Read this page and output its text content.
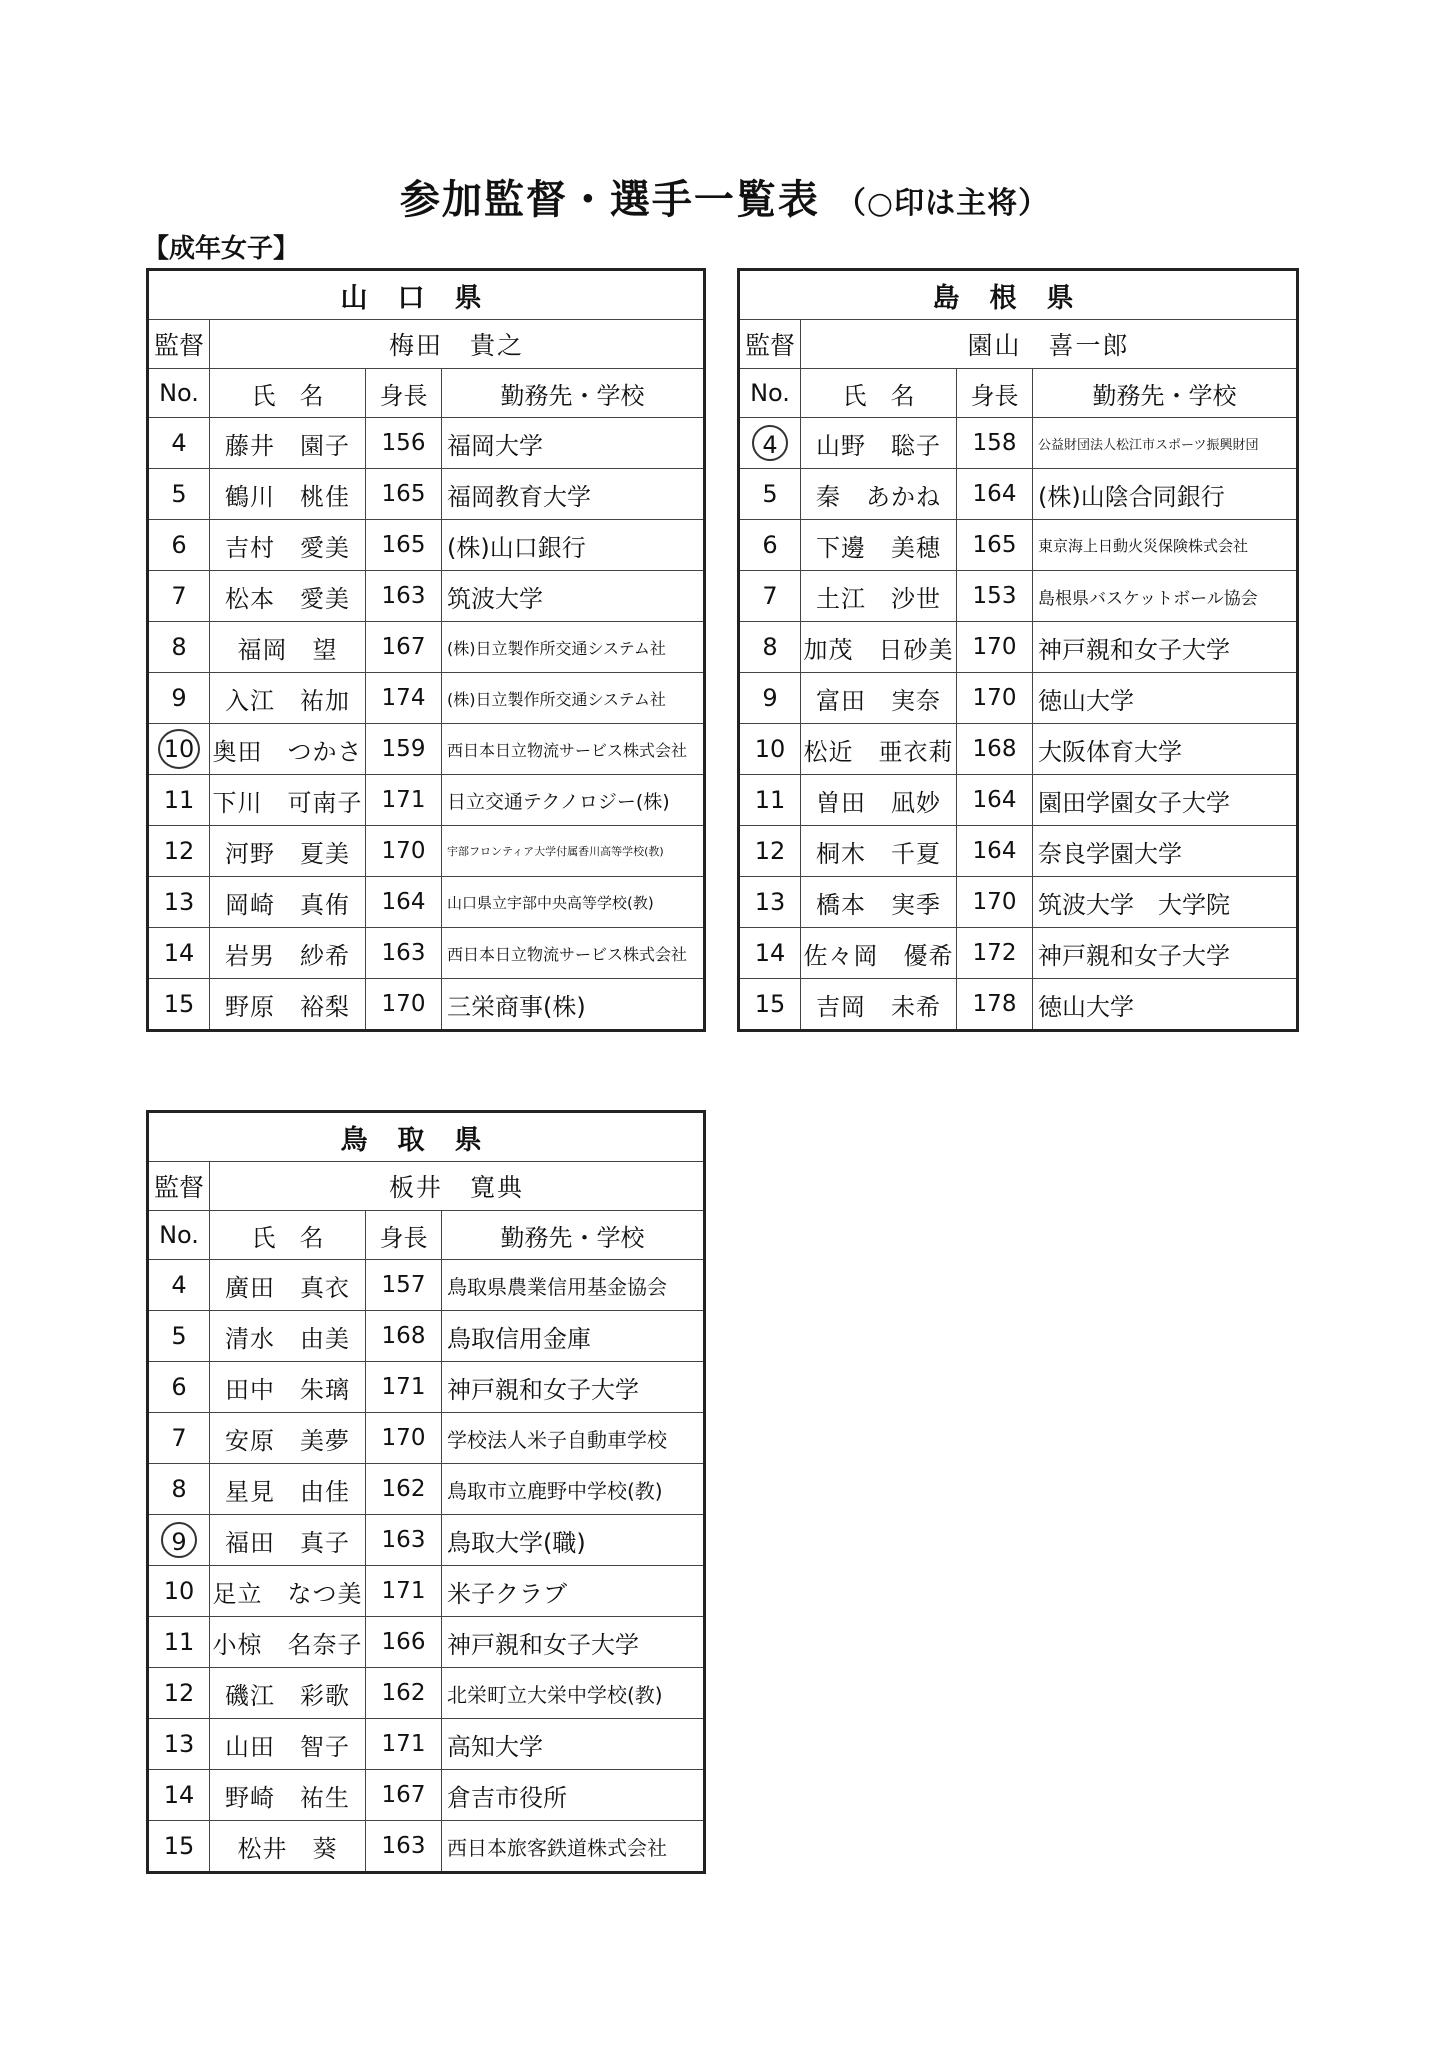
参加監督・選手一覧表 （○印は主将）
【成年女子】
山口県			
監督	梅田　貴之		
No.	氏　名	身長	勤務先・学校
4	藤井　園子	156	福岡大学
5	鶴川　桃佳	165	福岡教育大学
6	吉村　愛美	165	(株)山口銀行
7	松本　愛美	163	筑波大学
8	福岡　望	167	(株)日立製作所交通システム社
9	入江　祐加	174	(株)日立製作所交通システム社
10	奥田　つかさ	159	西日本日立物流サービス株式会社
11	下川　可南子	171	日立交通テクノロジー(株)
12	河野　夏美	170	宇部フロンティア大学付属香川高等学校(教)
13	岡崎　真侑	164	山口県立宇部中央高等学校(教)
14	岩男　紗希	163	西日本日立物流サービス株式会社
15	野原　裕梨	170	三栄商事(株)
島根県			
監督	園山　喜一郎		
No.	氏　名	身長	勤務先・学校
4	山野　聡子	158	公益財団法人松江市スポーツ振興財団
5	秦　あかね	164	(株)山陰合同銀行
6	下邊　美穂	165	東京海上日動火災保険株式会社
7	土江　沙世	153	島根県バスケットボール協会
8	加茂　日砂美	170	神戸親和女子大学
9	富田　実奈	170	徳山大学
10	松近　亜衣莉	168	大阪体育大学
11	曽田　凪妙	164	園田学園女子大学
12	桐木　千夏	164	奈良学園大学
13	橋本　実季	170	筑波大学　大学院
14	佐々岡　優希	172	神戸親和女子大学
15	吉岡　未希	178	徳山大学
鳥取県			
監督	板井　寛典		
No.	氏　名	身長	勤務先・学校
4	廣田　真衣	157	鳥取県農業信用基金協会
5	清水　由美	168	鳥取信用金庫
6	田中　朱璃	171	神戸親和女子大学
7	安原　美夢	170	学校法人米子自動車学校
8	星見　由佳	162	鳥取市立鹿野中学校(教)
9	福田　真子	163	鳥取大学(職)
10	足立　なつ美	171	米子クラブ
11	小椋　名奈子	166	神戸親和女子大学
12	磯江　彩歌	162	北栄町立大栄中学校(教)
13	山田　智子	171	高知大学
14	野崎　祐生	167	倉吉市役所
15	松井　葵	163	西日本旅客鉄道株式会社
